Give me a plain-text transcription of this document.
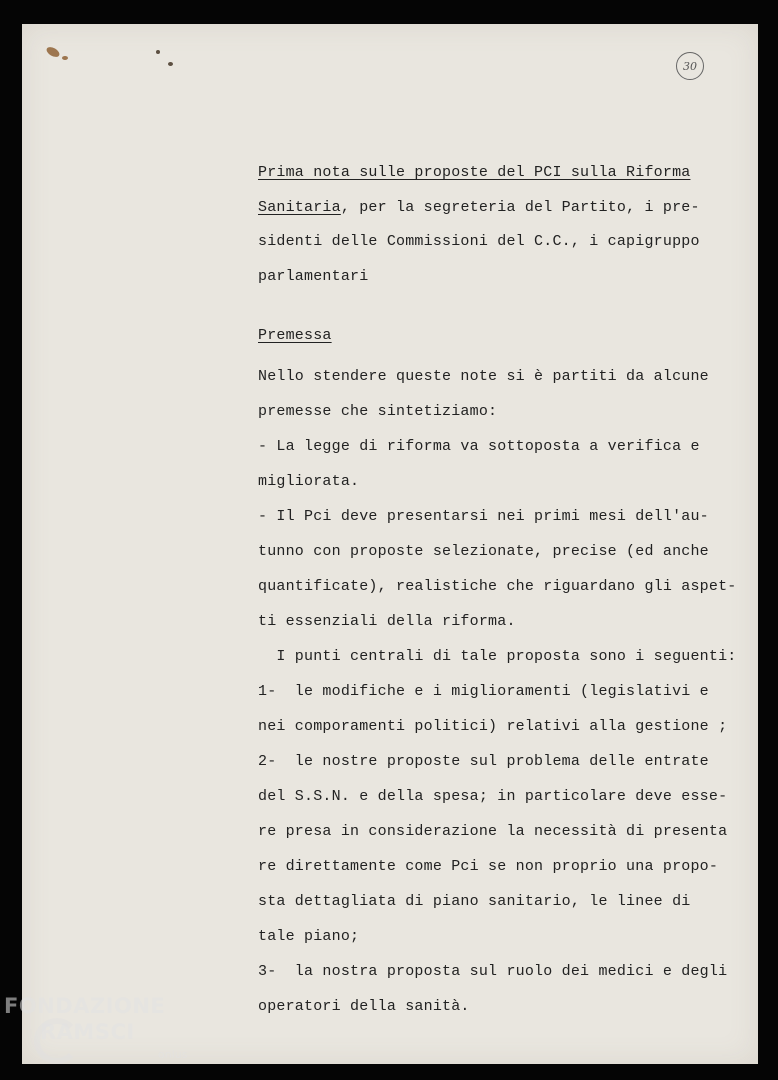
30
Prima nota sulle proposte del PCI sulla Riforma
Sanitaria, per la segreteria del Partito, i pre-
sidenti delle Commissioni del C.C., i capigruppo
parlamentari
Premessa
Nello stendere queste note si è partiti da alcune
premesse che sintetiziamo:
- La legge di riforma va sottoposta a verifica e
migliorata.
- Il Pci deve presentarsi nei primi mesi dell'au-
tunno con proposte selezionate, precise (ed anche
quantificate), realistiche che riguardano gli aspet-
ti essenziali della riforma.
I punti centrali di tale proposta sono i seguenti:
1-  le modifiche e i miglioramenti (legislativi e
nei comporamenti politici) relativi alla gestione ;
2-  le nostre proposte sul problema delle entrate
del S.S.N. e della spesa; in particolare deve esse-
re presa in considerazione la necessità di presenta
re direttamente come Pci se non proprio una propo-
sta dettagliata di piano sanitario, le linee di
tale piano;
3-  la nostra proposta sul ruolo dei medici e degli
operatori della sanità.
FONDAZIONE
RAMSCI
onlus
